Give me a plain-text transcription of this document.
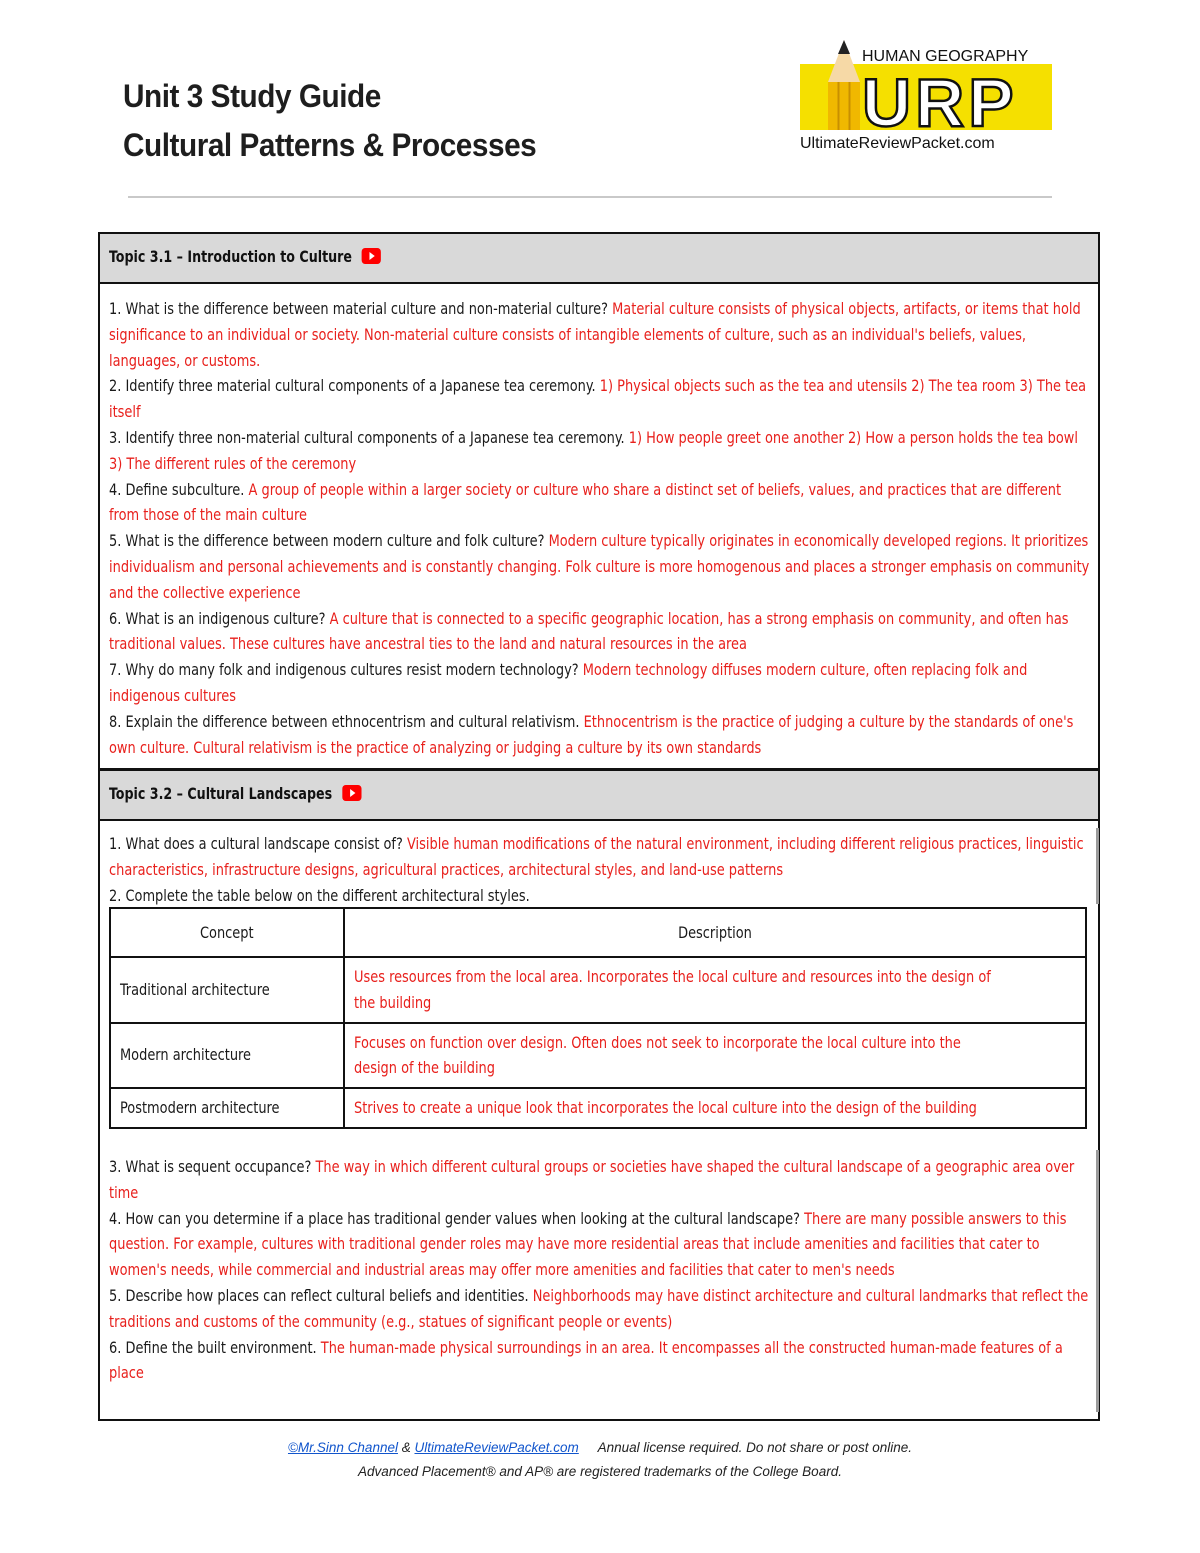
Unit 3 Study Guide
Cultural Patterns & Processes
HUMAN GEOGRAPHY
URP
UltimateReviewPacket.com
Topic 3.1 – Introduction to Culture

1. What is the difference between material culture and non-material culture? Material culture consists of physical objects, artifacts, or items that hold significance to an individual or society. Non-material culture consists of intangible elements of culture, such as an individual's beliefs, values, languages, or customs.

2. Identify three material cultural components of a Japanese tea ceremony. 1) Physical objects such as the tea and utensils 2) The tea room 3) The tea itself

3. Identify three non-material cultural components of a Japanese tea ceremony. 1) How people greet one another 2) How a person holds the tea bowl 3) The different rules of the ceremony

4. Define subculture. A group of people within a larger society or culture who share a distinct set of beliefs, values, and practices that are different from those of the main culture

5. What is the difference between modern culture and folk culture? Modern culture typically originates in economically developed regions. It prioritizes individualism and personal achievements and is constantly changing. Folk culture is more homogenous and places a stronger emphasis on community and the collective experience

6. What is an indigenous culture? A culture that is connected to a specific geographic location, has a strong emphasis on community, and often has traditional values. These cultures have ancestral ties to the land and natural resources in the area

7. Why do many folk and indigenous cultures resist modern technology? Modern technology diffuses modern culture, often replacing folk and indigenous cultures

8. Explain the difference between ethnocentrism and cultural relativism. Ethnocentrism is the practice of judging a culture by the standards of one's own culture. Cultural relativism is the practice of analyzing or judging a culture by its own standards

Topic 3.2 – Cultural Landscapes

1. What does a cultural landscape consist of? Visible human modifications of the natural environment, including different religious practices, linguistic characteristics, infrastructure designs, agricultural practices, architectural styles, and land-use patterns

2. Complete the table below on the different architectural styles.

Concept	Description
Traditional architecture	Uses resources from the local area. Incorporates the local culture and resources into the design of the building
Modern architecture	Focuses on function over design. Often does not seek to incorporate the local culture into the design of the building
Postmodern architecture	Strives to create a unique look that incorporates the local culture into the design of the building

3. What is sequent occupance? The way in which different cultural groups or societies have shaped the cultural landscape of a geographic area over time

4. How can you determine if a place has traditional gender values when looking at the cultural landscape? There are many possible answers to this question. For example, cultures with traditional gender roles may have more residential areas that include amenities and facilities that cater to women's needs, while commercial and industrial areas may offer more amenities and facilities that cater to men's needs

5. Describe how places can reflect cultural beliefs and identities. Neighborhoods may have distinct architecture and cultural landmarks that reflect the traditions and customs of the community (e.g., statues of significant people or events)

6. Define the built environment. The human-made physical surroundings in an area. It encompasses all the constructed human-made features of a place

©Mr.Sinn Channel & UltimateReviewPacket.com Annual license required. Do not share or post online.
Advanced Placement® and AP® are registered trademarks of the College Board.
